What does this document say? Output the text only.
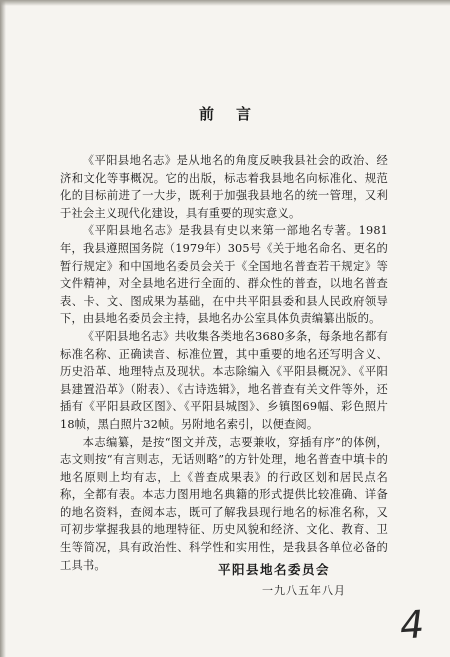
前言

《平阳县地名志》是从地名的角度反映我县社会的政治、经济和文化等事概况。它的出版，标志着我县地名向标准化、规范化的目标前进了一大步，既利于加强我县地名的统一管理，又利于社会主义现代化建设，具有重要的现实意义。

《平阳县地名志》是我县有史以来第一部地名专著。1981年，我县遵照国务院（1979年）305号《关于地名命名、更名的暂行规定》和中国地名委员会关于《全国地名普查若干规定》等文件精神，对全县地名进行全面的、群众性的普查，以地名普查表、卡、文、图成果为基础，在中共平阳县委和县人民政府领导下，由县地名委员会主持，县地名办公室具体负责编纂出版的。

《平阳县地名志》共收集各类地名3680多条，每条地名都有标准名称、正确读音、标准位置，其中重要的地名还写明含义、历史沿革、地理特点及现状。本志除编入《平阳县概况》、《平阳县建置沿革》（附表）、《古诗选辑》，地名普查有关文件等外，还插有《平阳县政区图》、《平阳县城图》、乡镇图69幅、彩色照片18帧，黑白照片32帧。另附地名索引，以便查阅。

本志编纂，是按“图文并茂，志要兼收，穿插有序”的体例，志文则按“有言则志，无话则略”的方针处理，地名普查中填卡的地名原则上均有志，上《普查成果表》的行政区划和居民点名称，全都有表。本志力图用地名典籍的形式提供比较准确、详备的地名资料，查阅本志，既可了解我县现行地名的标准名称，又可初步掌握我县的地理特征、历史风貌和经济、文化、教育、卫生等简况，具有政治性、科学性和实用性，是我县各单位必备的工具书。	平阳县地名委员会
一九八五年八月
4
